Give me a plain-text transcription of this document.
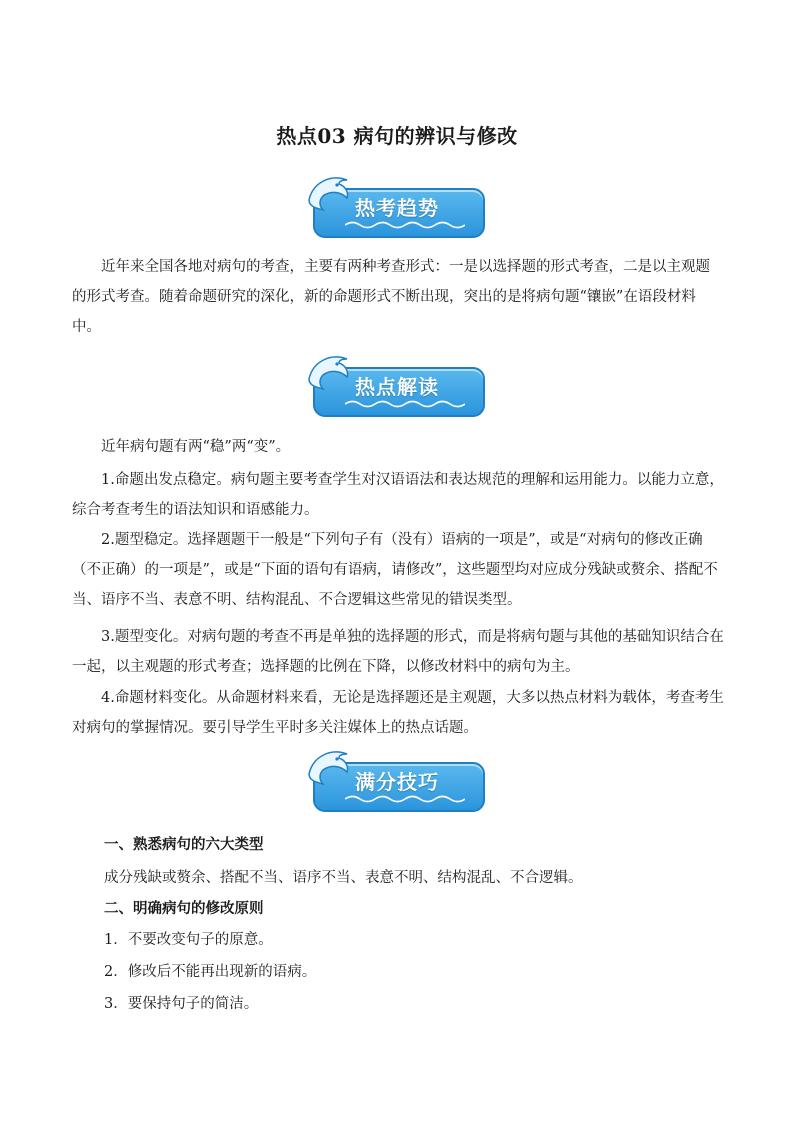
热点03 病句的辨识与修改
热考趋势

近年来全国各地对病句的考查，主要有两种考查形式：一是以选择题的形式考查，二是以主观题的形式考查。随着命题研究的深化，新的命题形式不断出现，突出的是将病句题“镶嵌”在语段材料中。

热点解读

近年病句题有两“稳”两“变”。

1.命题出发点稳定。病句题主要考查学生对汉语语法和表达规范的理解和运用能力。以能力立意，综合考查考生的语法知识和语感能力。

2.题型稳定。选择题题干一般是“下列句子有（没有）语病的一项是”，或是“对病句的修改正确（不正确）的一项是”，或是“下面的语句有语病，请修改”，这些题型均对应成分残缺或赘余、搭配不当、语序不当、表意不明、结构混乱、不合逻辑这些常见的错误类型。

3.题型变化。对病句题的考查不再是单独的选择题的形式，而是将病句题与其他的基础知识结合在一起，以主观题的形式考查；选择题的比例在下降，以修改材料中的病句为主。

4.命题材料变化。从命题材料来看，无论是选择题还是主观题，大多以热点材料为载体，考查考生对病句的掌握情况。要引导学生平时多关注媒体上的热点话题。

满分技巧

一、熟悉病句的六大类型

成分残缺或赘余、搭配不当、语序不当、表意不明、结构混乱、不合逻辑。

二、明确病句的修改原则

1．不要改变句子的原意。

2．修改后不能再出现新的语病。

3．要保持句子的简洁。
